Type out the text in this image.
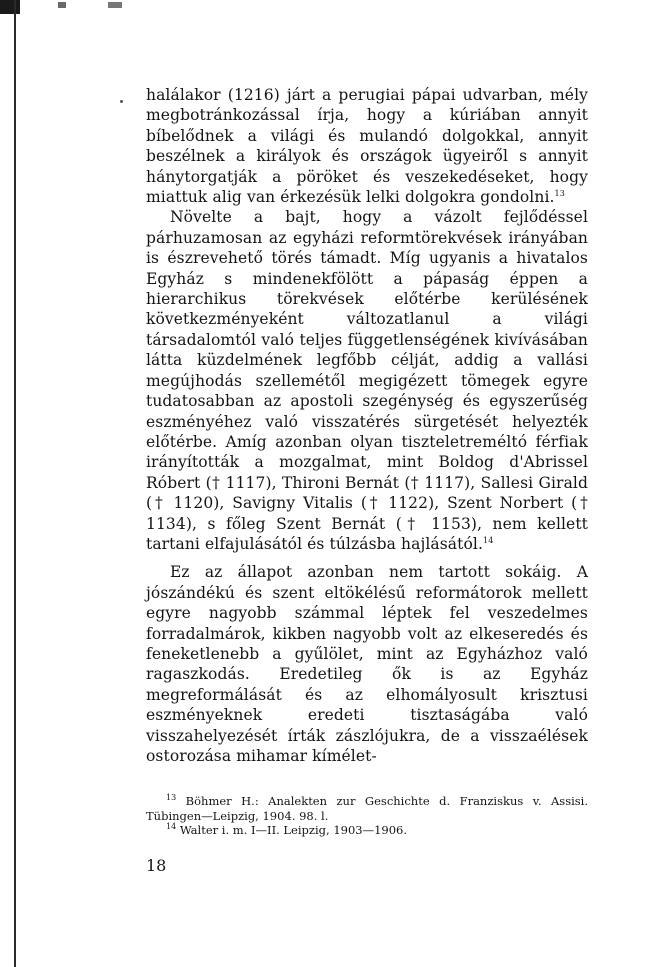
halálakor (1216) járt a perugiai pápai udvarban, mély megbotránkozással írja, hogy a kúriában annyit bíbelődnek a világi és mulandó dolgokkal, annyit beszélnek a királyok és országok ügyeiről s annyit hánytorgatják a pöröket és veszekedéseket, hogy miattuk alig van érkezésük lelki dolgokra gondolni.$^{13}$

Növelte a bajt, hogy a vázolt fejlődéssel párhuzamosan az egyházi reformtörekvések irányában is észrevehető törés támadt. Míg ugyanis a hivatalos Egyház s mindenekfölött a pápaság éppen a hierarchikus törekvések előtérbe kerülésének következményeként változatlanul a világi társadalomtól való teljes függetlenségének kivívásában látta küzdelmének legfőbb célját, addig a vallási megújhodás szellemétől megigézett tömegek egyre tudatosabban az apostoli szegénység és egyszerűség eszményéhez való visszatérés sürgetését helyezték előtérbe. Amíg azonban olyan tiszteletreméltó férfiak irányították a mozgalmat, mint Boldog d'Abrissel Róbert († 1117), Thironi Bernát († 1117), Sallesi Girald († 1120), Savigny Vitalis († 1122), Szent Norbert († 1134), s főleg Szent Bernát († 1153), nem kellett tartani elfajulásától és túlzásba hajlásától.$^{14}$

Ez az állapot azonban nem tartott sokáig. A jószándékú és szent eltökélésű reformátorok mellett egyre nagyobb számmal léptek fel veszedelmes forradalmárok, kikben nagyobb volt az elkeseredés és feneketlenebb a gyűlölet, mint az Egyházhoz való ragaszkodás. Eredetileg ők is az Egyház megreformálását és az elhomályosult krisztusi eszményeknek eredeti tisztaságába való visszahelyezését írták zászlójukra, de a visszaélések ostorozása mihamar kímélet-

$^{13}$ Böhmer H.: Analekten zur Geschichte d. Franziskus v. Assisi. Tübingen—Leipzig, 1904. 98. l.

$^{14}$ Walter i. m. I—II. Leipzig, 1903—1906.

18
